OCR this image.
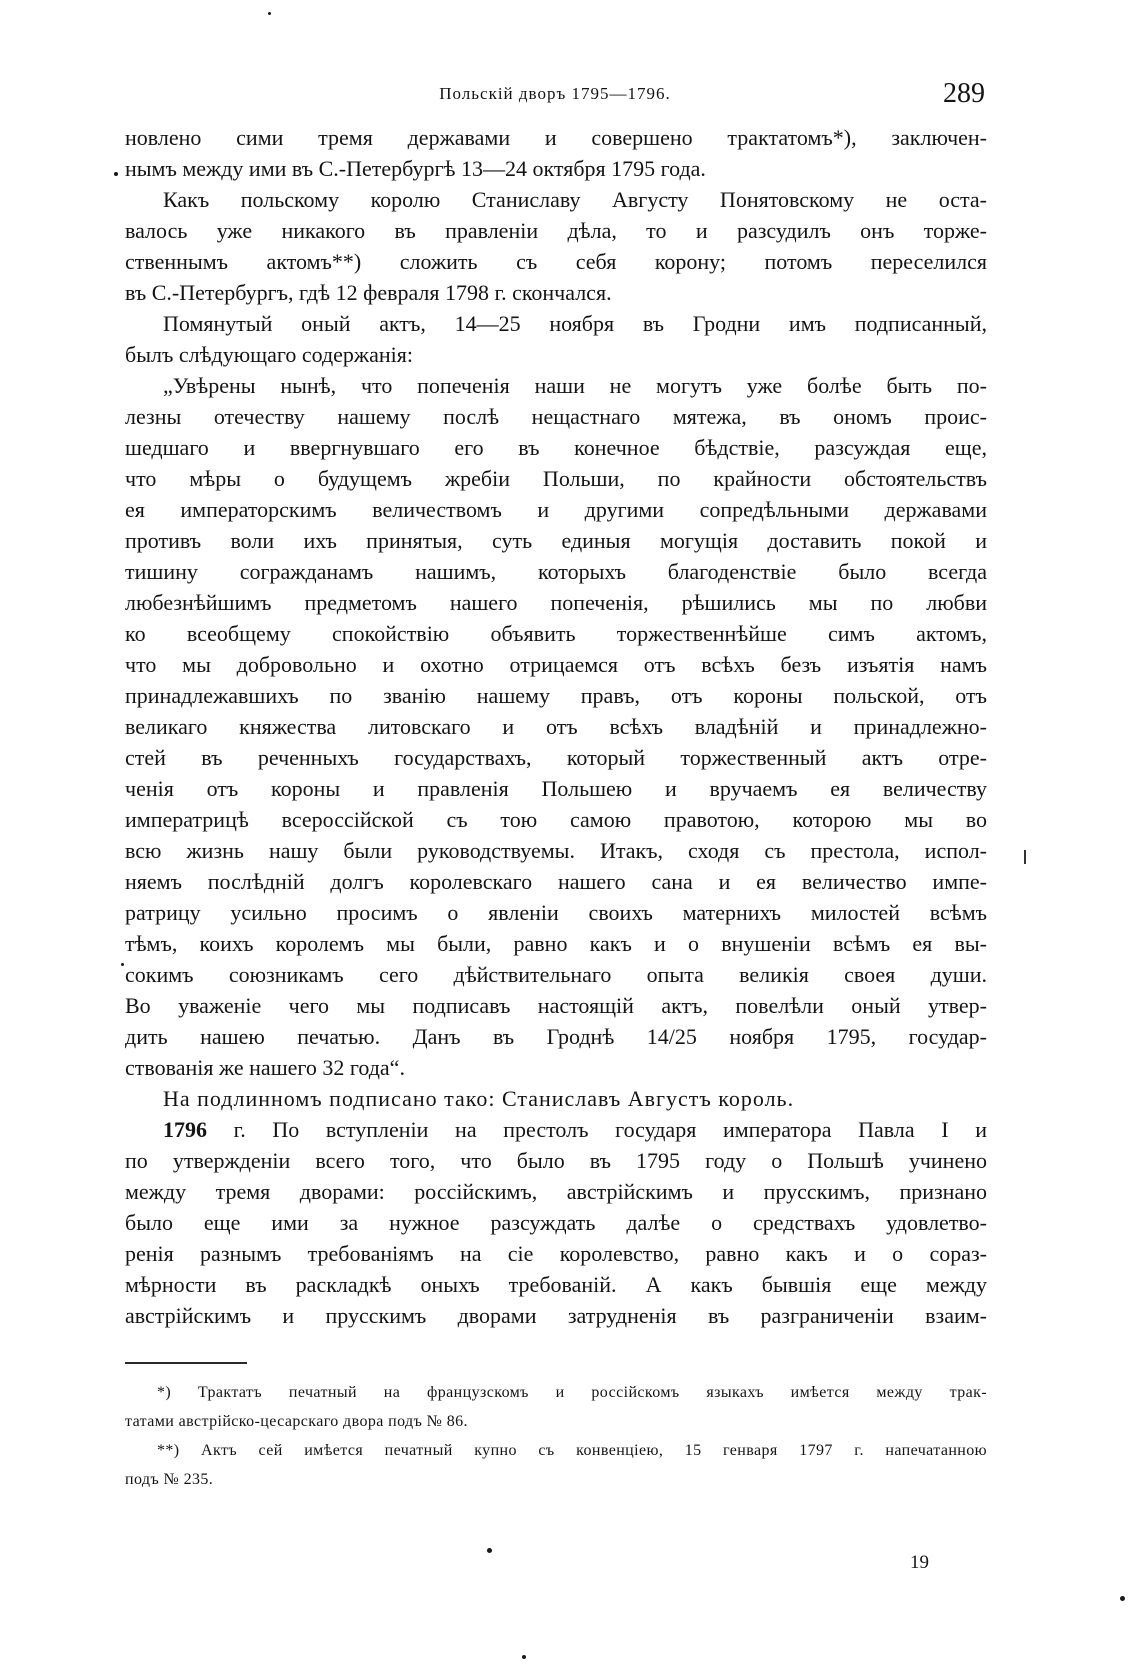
Польскій дворъ 1795—1796.	289
новлено сими тремя державами и совершено трактатомъ*), заключен-
нымъ между ими въ С.-Петербургѣ 13—24 октября 1795 года.
Какъ польскому королю Станиславу Августу Понятовскому не оста-
валось уже никакого въ правленіи дѣла, то и разсудилъ онъ торже-
ственнымъ актомъ**) сложить съ себя корону; потомъ переселился
въ С.-Петербургъ, гдѣ 12 февраля 1798 г. скончался.
Помянутый оный актъ, 14—25 ноября въ Гродни имъ подписанный,
былъ слѣдующаго содержанія:
„Увѣрены нынѣ, что попеченія наши не могутъ уже болѣе быть по-
лезны отечеству нашему послѣ нещастнаго мятежа, въ ономъ проис-
шедшаго и ввергнувшаго его въ конечное бѣдствіе, разсуждая еще,
что мѣры о будущемъ жребіи Польши, по крайности обстоятельствъ
ея императорскимъ величествомъ и другими сопредѣльными державами
противъ воли ихъ принятыя, суть единыя могущія доставить покой и
тишину согражданамъ нашимъ, которыхъ благоденствіе было всегда
любезнѣйшимъ предметомъ нашего попеченія, рѣшились мы по любви
ко всеобщему спокойствію объявить торжественнѣйше симъ актомъ,
что мы добровольно и охотно отрицаемся отъ всѣхъ безъ изъятія намъ
принадлежавшихъ по званію нашему правъ, отъ короны польской, отъ
великаго княжества литовскаго и отъ всѣхъ владѣній и принадлежно-
стей въ реченныхъ государствахъ, который торжественный актъ отре-
ченія отъ короны и правленія Польшею и вручаемъ ея величеству
императрицѣ всероссійской съ тою самою правотою, которою мы во
всю жизнь нашу были руководствуемы. Итакъ, сходя съ престола, испол-
няемъ послѣдній долгъ королевскаго нашего сана и ея величество импе-
ратрицу усильно просимъ о явленіи своихъ матернихъ милостей всѣмъ
тѣмъ, коихъ королемъ мы были, равно какъ и о внушеніи всѣмъ ея вы-
сокимъ союзникамъ сего дѣйствительнаго опыта великія своея души.
Во уваженіе чего мы подписавъ настоящій актъ, повелѣли оный утвер-
дить нашею печатью. Данъ въ Гроднѣ 14/25 ноября 1795, государ-
ствованія же нашего 32 года“.
На подлинномъ подписано тако: Станиславъ Августъ король.
1796 г. По вступленіи на престолъ государя императора Павла I и
по утвержденіи всего того, что было въ 1795 году о Польшѣ учинено
между тремя дворами: россійскимъ, австрійскимъ и прусскимъ, признано
было еще ими за нужное разсуждать далѣе о средствахъ удовлетво-
ренія разнымъ требованіямъ на сіе королевство, равно какъ и о сораз-
мѣрности въ раскладкѣ оныхъ требованій. А какъ бывшія еще между
австрійскимъ и прусскимъ дворами затрудненія въ разграниченіи взаим-
*) Трактатъ печатный на французскомъ и россійскомъ языкахъ имѣется между трак-
татами австрійско-цесарскаго двора подъ № 86.
**) Актъ сей имѣется печатный купно съ конвенціею, 15 генваря 1797 г. напечатанною
подъ № 235.
19
